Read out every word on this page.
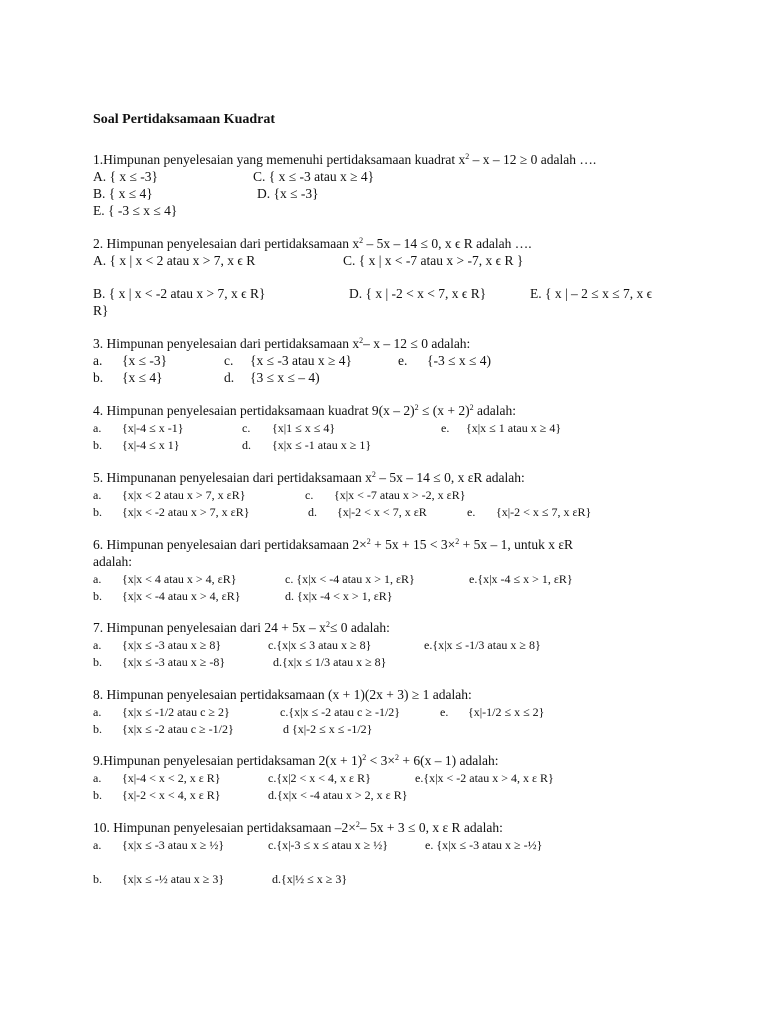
Soal Pertidaksamaan Kuadrat
1.Himpunan penyelesaian yang memenuhi pertidaksamaan kuadrat $x^2 - x - 12 \ge 0$ adalah ….
A. { x ≤ -3}	C. { x ≤ -3 atau x ≥ 4}
B. { x ≤ 4}	D. {x ≤ -3}
E. { -3 ≤ x ≤ 4}
2. Himpunan penyelesaian dari pertidaksamaan $x^2 - 5x - 14 \le 0$, x ϵ R adalah ….
A. { x | x < 2 atau x > 7, x ϵ R	C. { x | x < -7 atau x > -7, x ϵ R }
B. { x | x < -2 atau x > 7, x ϵ R}	D. { x | -2 < x < 7, x ϵ R}	E. { x | – 2 ≤ x ≤ 7, x ϵ
R}
3. Himpunan penyelesaian dari pertidaksamaan $x^2-$ x – 12 ≤ 0 adalah:
a. {x ≤ -3}	c. {x ≤ -3 atau x ≥ 4}	e. {-3 ≤ x ≤ 4)
b. {x ≤ 4}	d. {3 ≤ x ≤ – 4)
4. Himpunan penyelesaian pertidaksamaan kuadrat $9(x - 2)^2 \le (x + 2)^2$ adalah:
a. {x|-4 ≤ x -1}	c. {x|1 ≤ x ≤ 4}	e. {x|x ≤ 1 atau x ≥ 4}
b. {x|-4 ≤ x 1}	d. {x|x ≤ -1 atau x ≥ 1}
5. Himpunanan penyelesaian dari pertidaksamaan $x^2 - 5x - 14 \le 0$, x εR adalah:
a. {x|x < 2 atau x > 7, x εR}	c. {x|x < -7 atau x > -2, x εR}
b. {x|x < -2 atau x > 7, x εR}	d. {x|-2 < x < 7, x εR	e. {x|-2 < x ≤ 7, x εR}
6. Himpunan penyelesaian dari pertidaksamaan 2×$^2$ + 5x + 15 < 3×$^2$ + 5x – 1, untuk x εR
adalah:
a. {x|x < 4 atau x > 4, εR}	c. {x|x < -4 atau x > 1, εR}	e.{x|x -4 ≤ x > 1, εR}
b. {x|x < -4 atau x > 4, εR}	d. {x|x -4 < x > 1, εR}
7. Himpunan penyelesaian dari $24 + 5x - x^2\le 0$ adalah:
a. {x|x ≤ -3 atau x ≥ 8}	c.{x|x ≤ 3 atau x ≥ 8}	e.{x|x ≤ -1/3 atau x ≥ 8}
b. {x|x ≤ -3 atau x ≥ -8}	d.{x|x ≤ 1/3 atau x ≥ 8}
8. Himpunan penyelesaian pertidaksamaan (x + 1)(2x + 3) ≥ 1 adalah:
a. {x|x ≤ -1/2 atau c ≥ 2}	c.{x|x ≤ -2 atau c ≥ -1/2}	e. {x|-1/2 ≤ x ≤ 2}
b. {x|x ≤ -2 atau c ≥ -1/2}	d {x|-2 ≤ x ≤ -1/2}
9.Himpunan penyelesaian pertidaksaman $2(x + 1)^2 < 3\times^2 + 6(x - 1)$ adalah:
a. {x|-4 < x < 2, x ε R}	c.{x|2 < x < 4, x ε R}	e.{x|x < -2 atau x > 4, x ε R}
b. {x|-2 < x < 4, x ε R}	d.{x|x < -4 atau x > 2, x ε R}
10. Himpunan penyelesaian pertidaksamaan –2×$^2$– 5x + 3 ≤ 0, x ε R adalah:
a. {x|x ≤ -3 atau x ≥ ½}	c.{x|-3 ≤ x ≤ atau x ≥ ½}	e. {x|x ≤ -3 atau x ≥ -½}
b. {x|x ≤ -½ atau x ≥ 3}	d.{x|½ ≤ x ≥ 3}
